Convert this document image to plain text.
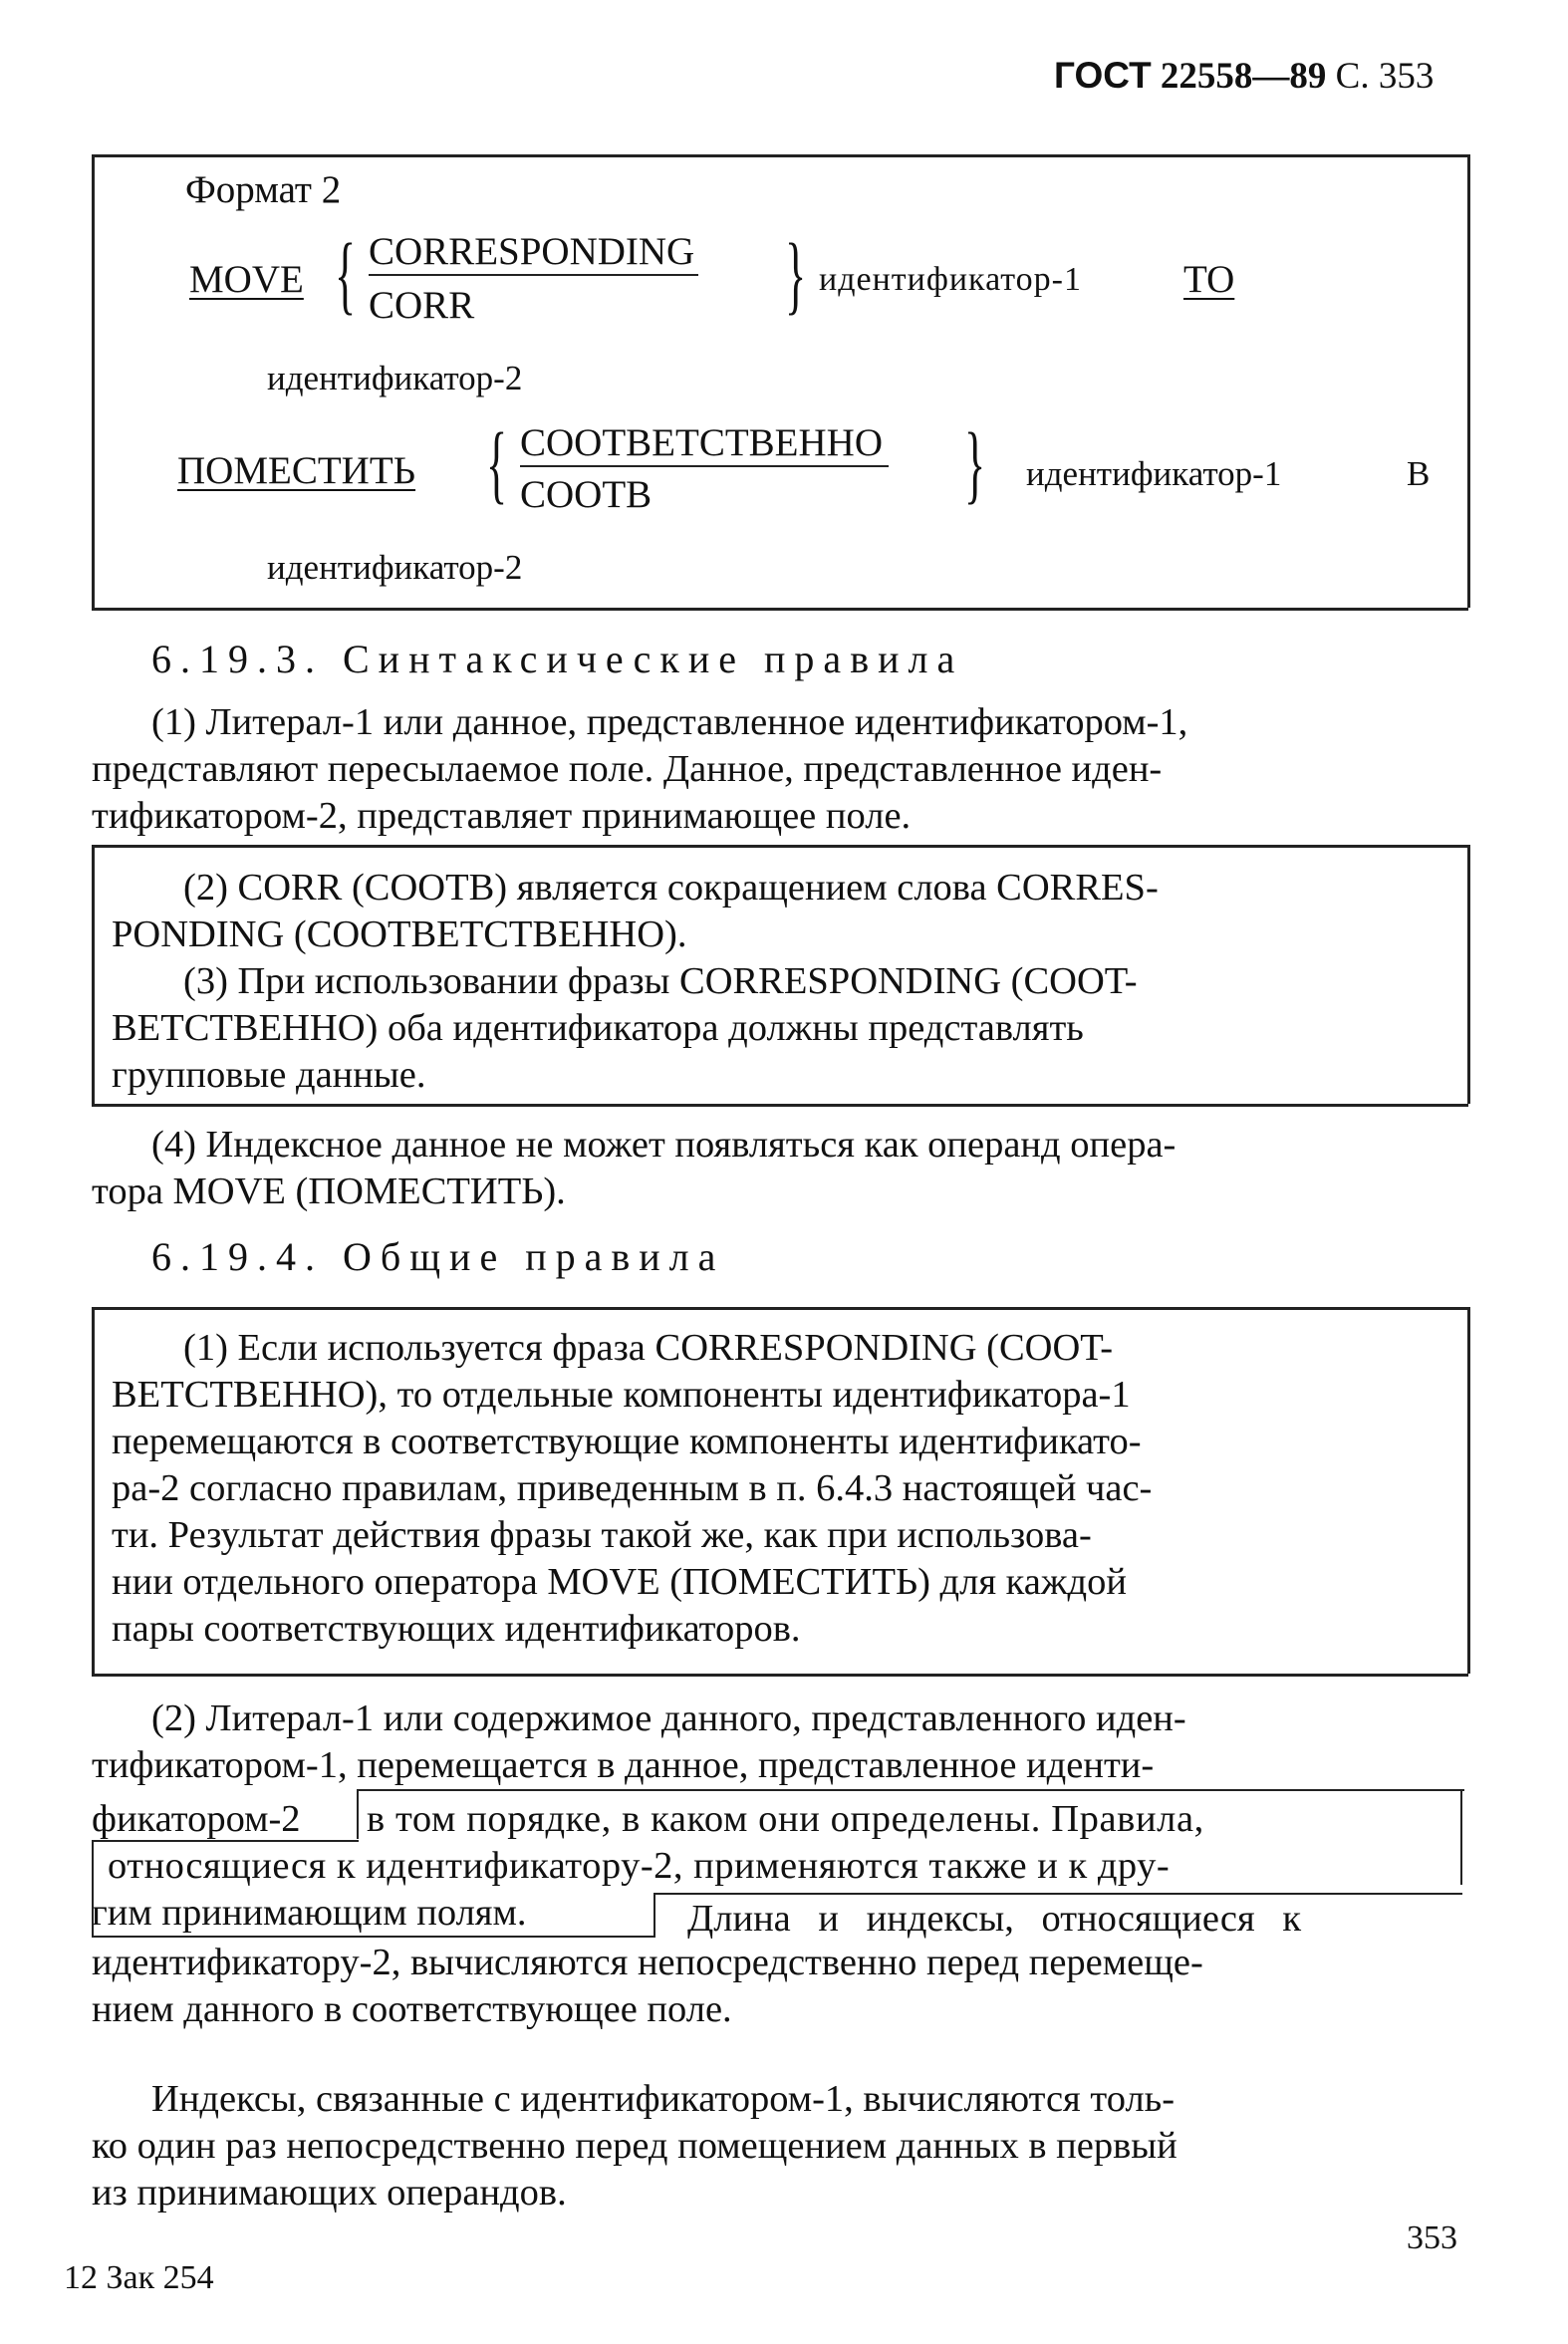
ГОСТ 22558—89 С. 353
Формат 2
MOVE { CORRESPONDING
CORR	} идентификатор-1	TO
идентификатор-2
ПОМЕСТИТЬ { СООТВЕТСТВЕННО
СООТВ	} идентификатор-1	В
идентификатор-2
6.19.3. Синтаксические правила
(1) Литерал-1 или данное, представленное идентификатором-1,
представляют пересылаемое поле. Данное, представленное иден-
тификатором-2, представляет принимающее поле.
(2) CORR (COOTB) является сокращением слова CORRES-
PONDING (СООТВЕТСТВЕННО).
(3) При использовании фразы CORRESPONDING (COOT-
ВЕТСТВЕННО) оба идентификатора должны представлять
групповые данные.
(4) Индексное данное не может появляться как операнд опера-
тора MOVE (ПОМЕСТИТЬ).
6.19.4. Общие правила
(1) Если используется фраза CORRESPONDING (COOT-
ВЕТСТВЕННО), то отдельные компоненты идентификатора-1
перемещаются в соответствующие компоненты идентификато-
ра-2 согласно правилам, приведенным в п. 6.4.3 настоящей час-
ти. Результат действия фразы такой же, как при использова-
нии отдельного оператора MOVE (ПОМЕСТИТЬ) для каждой
пары соответствующих идентификаторов.
(2) Литерал-1 или содержимое данного, представленного иден-
тификатором-1, перемещается в данное, представленное иденти-
фикатором-2 в том порядке, в каком они определены. Правила,
относящиеся к идентификатору-2, применяются также и к дру-
гим принимающим полям.	Длина и индексы, относящиеся к
идентификатору-2, вычисляются непосредственно перед перемеще-
нием данного в соответствующее поле.
Индексы, связанные с идентификатором-1, вычисляются толь-
ко один раз непосредственно перед помещением данных в первый
из принимающих операндов.
12 Зак 254
353
